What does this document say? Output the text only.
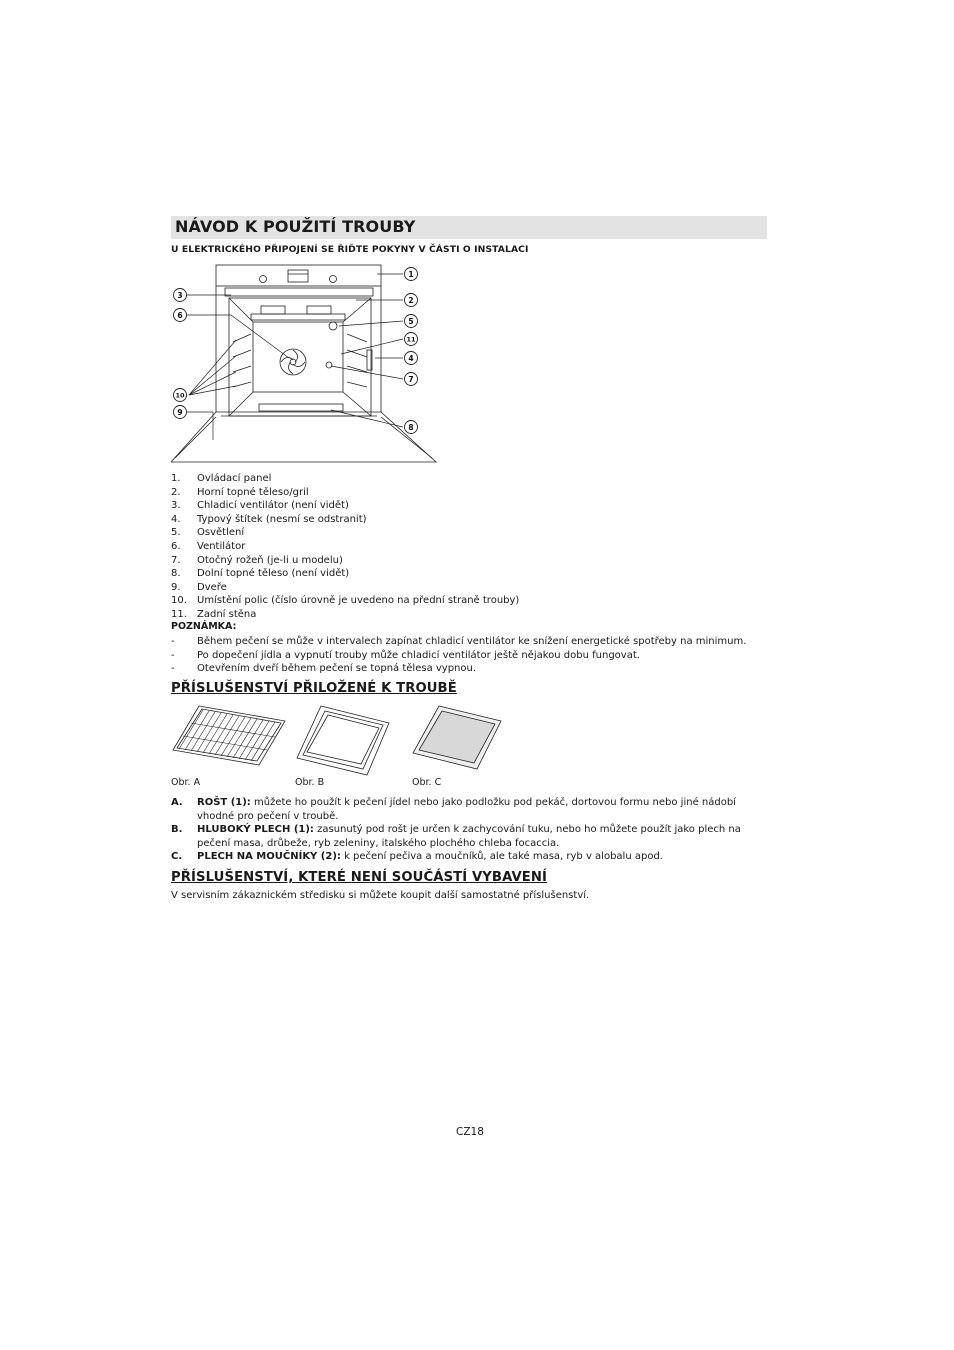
NÁVOD K POUŽITÍ TROUBY
U ELEKTRICKÉHO PŘIPOJENÍ SE ŘIĎTE POKYNY V ČÁSTI O INSTALACI
1
2
3
5
6
11
4
7
8
9
10
1.	Ovládací panel
2.	Horní topné těleso/gril
3.	Chladicí ventilátor (není vidět)
4.	Typový štítek (nesmí se odstranit)
5.	Osvětlení
6.	Ventilátor
7.	Otočný rožeň (je-li u modelu)
8.	Dolní topné těleso (není vidět)
9.	Dveře
10.	Umístění polic (číslo úrovně je uvedeno na přední straně trouby)
11.	Zadní stěna
POZNÁMKA:
-	Během pečení se může v intervalech zapínat chladicí ventilátor ke snížení energetické spotřeby na minimum.
-	Po dopečení jídla a vypnutí trouby může chladicí ventilátor ještě nějakou dobu fungovat.
-	Otevřením dveří během pečení se topná tělesa vypnou.
PŘÍSLUŠENSTVÍ PŘILOŽENÉ K TROUBĚ
Obr. A	Obr. B	Obr. C
A.	ROŠT (1): můžete ho použít k pečení jídel nebo jako podložku pod pekáč, dortovou formu nebo jiné nádobí vhodné pro pečení v troubě.
B.	HLUBOKÝ PLECH (1): zasunutý pod rošt je určen k zachycování tuku, nebo ho můžete použít jako plech na pečení masa, drůbeže, ryb zeleniny, italského plochého chleba focaccia.
C.	PLECH NA MOUČNÍKY (2): k pečení pečiva a moučníků, ale také masa, ryb v alobalu apod.
PŘÍSLUŠENSTVÍ, KTERÉ NENÍ SOUČÁSTÍ VYBAVENÍ
V servisním zákaznickém středisku si můžete koupit další samostatné příslušenství.
CZ18
